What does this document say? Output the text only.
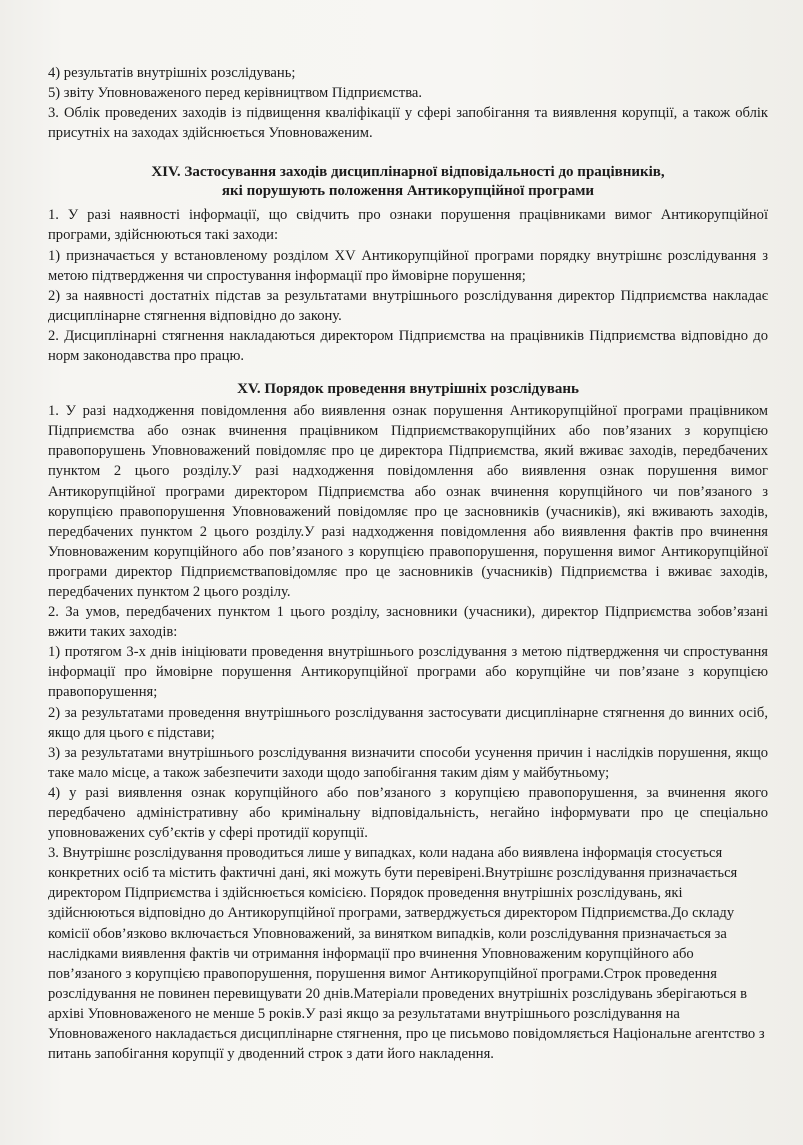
4) результатів внутрішніх розслідувань;

5) звіту Уповноваженого перед керівництвом Підприємства.

3. Облік проведених заходів із підвищення кваліфікації у сфері запобігання та виявлення корупції, а також облік присутніх на заходах здійснюється Уповноваженим.

XIV. Застосування заходів дисциплінарної відповідальності до працівників,
які порушують положення Антикорупційної програми

1. У разі наявності інформації, що свідчить про ознаки порушення працівниками вимог Антикорупційної програми, здійснюються такі заходи:

1) призначається у встановленому розділом XV Антикорупційної програми порядку внутрішнє розслідування з метою підтвердження чи спростування інформації про ймовірне порушення;

2) за наявності достатніх підстав за результатами внутрішнього розслідування директор Підприємства накладає дисциплінарне стягнення відповідно до закону.

2. Дисциплінарні стягнення накладаються директором Підприємства на працівників Підприємства відповідно до норм законодавства про працю.

XV. Порядок проведення внутрішніх розслідувань

1. У разі надходження повідомлення або виявлення ознак порушення Антикорупційної програми працівником Підприємства або ознак вчинення працівником Підприємствакорупційних або пов’язаних з корупцією правопорушень Уповноважений повідомляє про це директора Підприємства, який вживає заходів, передбачених пунктом 2 цього розділу.У разі надходження повідомлення або виявлення ознак порушення вимог Антикорупційної програми директором Підприємства або ознак вчинення корупційного чи пов’язаного з корупцією правопорушення Уповноважений повідомляє про це засновників (учасників), які вживають заходів, передбачених пунктом 2 цього розділу.У разі надходження повідомлення або виявлення фактів про вчинення Уповноваженим корупційного або пов’язаного з корупцією правопорушення, порушення вимог Антикорупційної програми директор Підприємстваповідомляє про це засновників (учасників) Підприємства і вживає заходів, передбачених пунктом 2 цього розділу.

2. За умов, передбачених пунктом 1 цього розділу, засновники (учасники), директор Підприємства зобов’язані вжити таких заходів:

1) протягом 3-х днів ініціювати проведення внутрішнього розслідування з метою підтвердження чи спростування інформації про ймовірне порушення Антикорупційної програми або корупційне чи пов’язане з корупцією правопорушення;

2) за результатами проведення внутрішнього розслідування застосувати дисциплінарне стягнення до винних осіб, якщо для цього є підстави;

3) за результатами внутрішнього розслідування визначити способи усунення причин і наслідків порушення, якщо таке мало місце, а також забезпечити заходи щодо запобігання таким діям у майбутньому;

4) у разі виявлення ознак корупційного або пов’язаного з корупцією правопорушення, за вчинення якого передбачено адміністративну або кримінальну відповідальність, негайно інформувати про це спеціально уповноважених суб’єктів у сфері протидії корупції.

3. Внутрішнє розслідування проводиться лише у випадках, коли надана або виявлена інформація стосується конкретних осіб та містить фактичні дані, які можуть бути перевірені.Внутрішнє розслідування призначається директором Підприємства і здійснюється комісією. Порядок проведення внутрішніх розслідувань, які здійснюються відповідно до Антикорупційної програми, затверджується директором Підприємства.До складу комісії обов’язково включається Уповноважений, за винятком випадків, коли розслідування призначається за наслідками виявлення фактів чи отримання інформації про вчинення Уповноваженим корупційного або пов’язаного з корупцією правопорушення, порушення вимог Антикорупційної програми.Строк проведення розслідування не повинен перевищувати 20 днів.Матеріали проведених внутрішніх розслідувань зберігаються в архіві Уповноваженого не менше 5 років.У разі якщо за результатами внутрішнього розслідування на Уповноваженого накладається дисциплінарне стягнення, про це письмово повідомляється Національне агентство з питань запобігання корупції у дводенний строк з дати його накладення.
